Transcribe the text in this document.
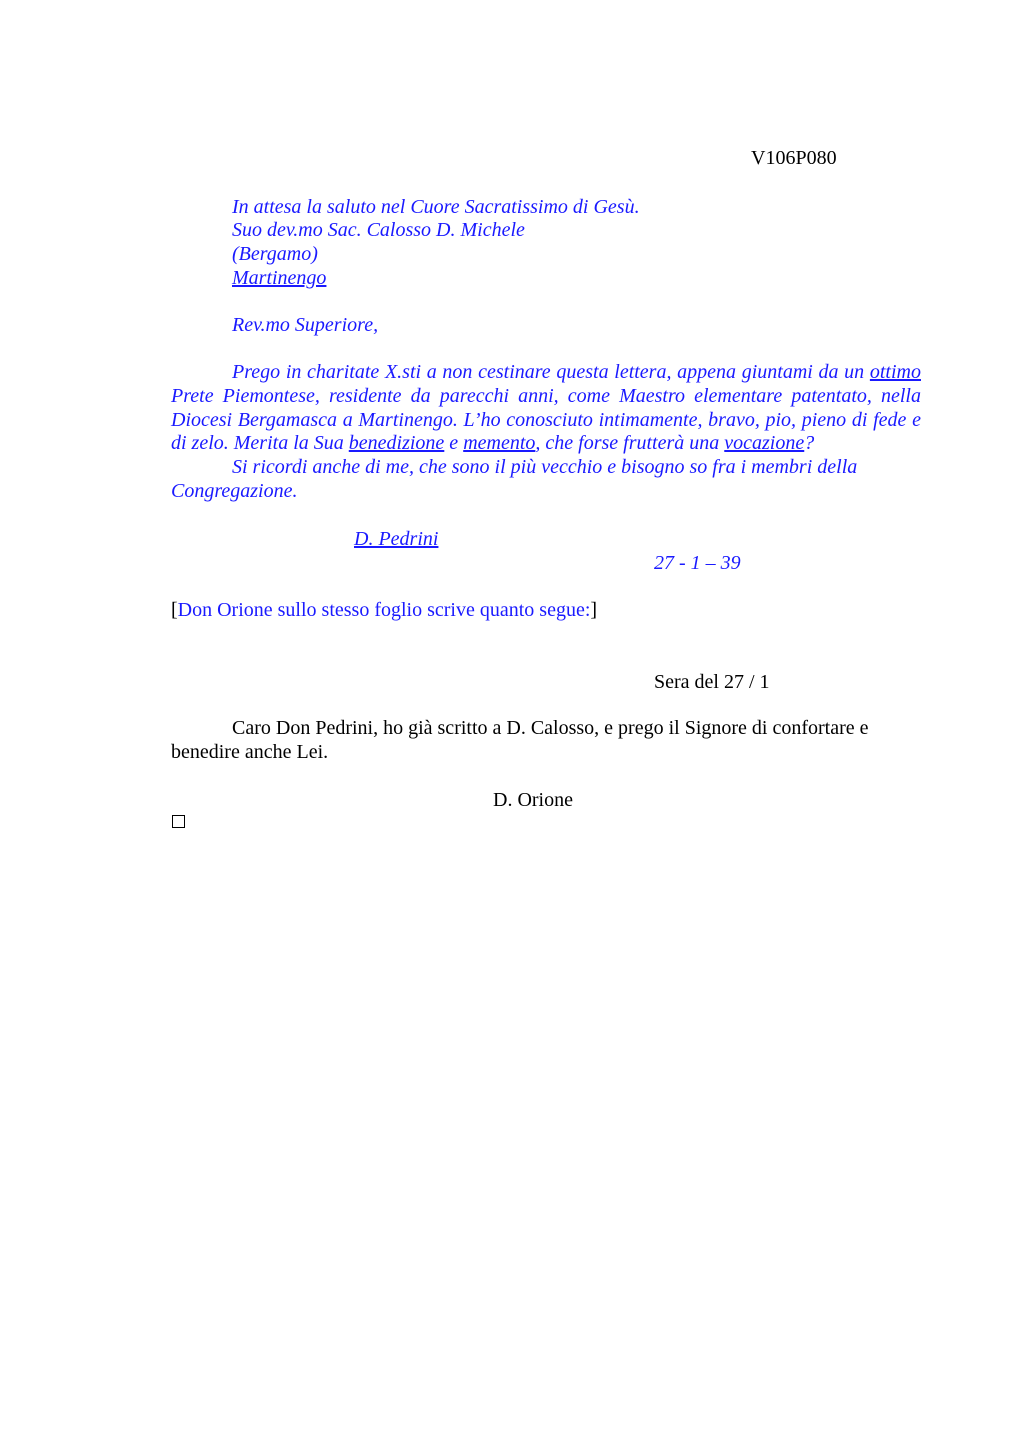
V106P080
In attesa la saluto nel Cuore Sacratissimo di Gesù.
Suo dev.mo Sac. Calosso D. Michele
(Bergamo)
Martinengo
Rev.mo Superiore,
Prego in charitate X.sti a non cestinare questa lettera, appena giuntami da un ottimo Prete Piemontese, residente da parecchi anni, come Maestro elementare patentato, nella Diocesi Bergamasca a Martinengo. L’ho conosciuto intimamente, bravo, pio, pieno di fede e di zelo. Merita la Sua benedizione e memento, che forse frutterà una vocazione?
Si ricordi anche di me, che sono il più vecchio e bisogno so fra i membri della Congregazione.
D. Pedrini
27 - 1 – 39
[Don Orione sullo stesso foglio scrive quanto segue:]
Sera del 27 / 1
Caro Don Pedrini, ho già scritto a D. Calosso, e prego il Signore di confortare e benedire anche Lei.
D. Orione
